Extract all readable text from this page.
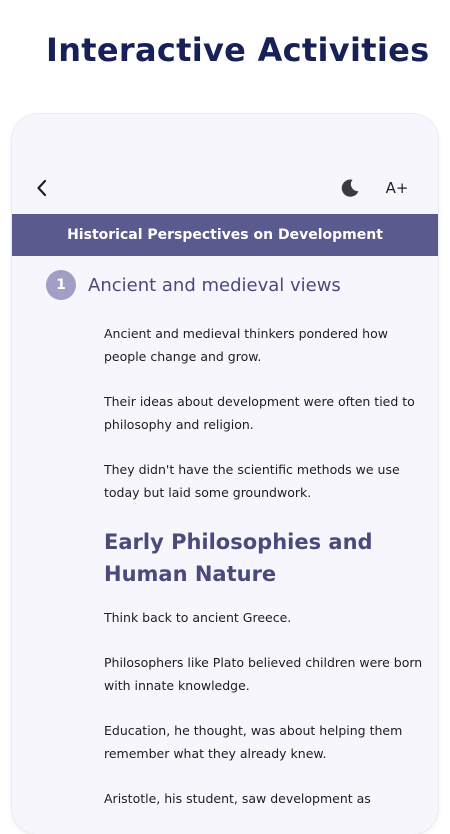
Interactive Activities
A+
Historical Perspectives on Development
1	Ancient and medieval views

Ancient and medieval thinkers pondered how people change and grow.

Their ideas about development were often tied to philosophy and religion.

They didn't have the scientific methods we use today but laid some groundwork.

Early Philosophies and Human Nature

Think back to ancient Greece.

Philosophers like Plato believed children were born with innate knowledge.

Education, he thought, was about helping them remember what they already knew.

Aristotle, his student, saw development as
